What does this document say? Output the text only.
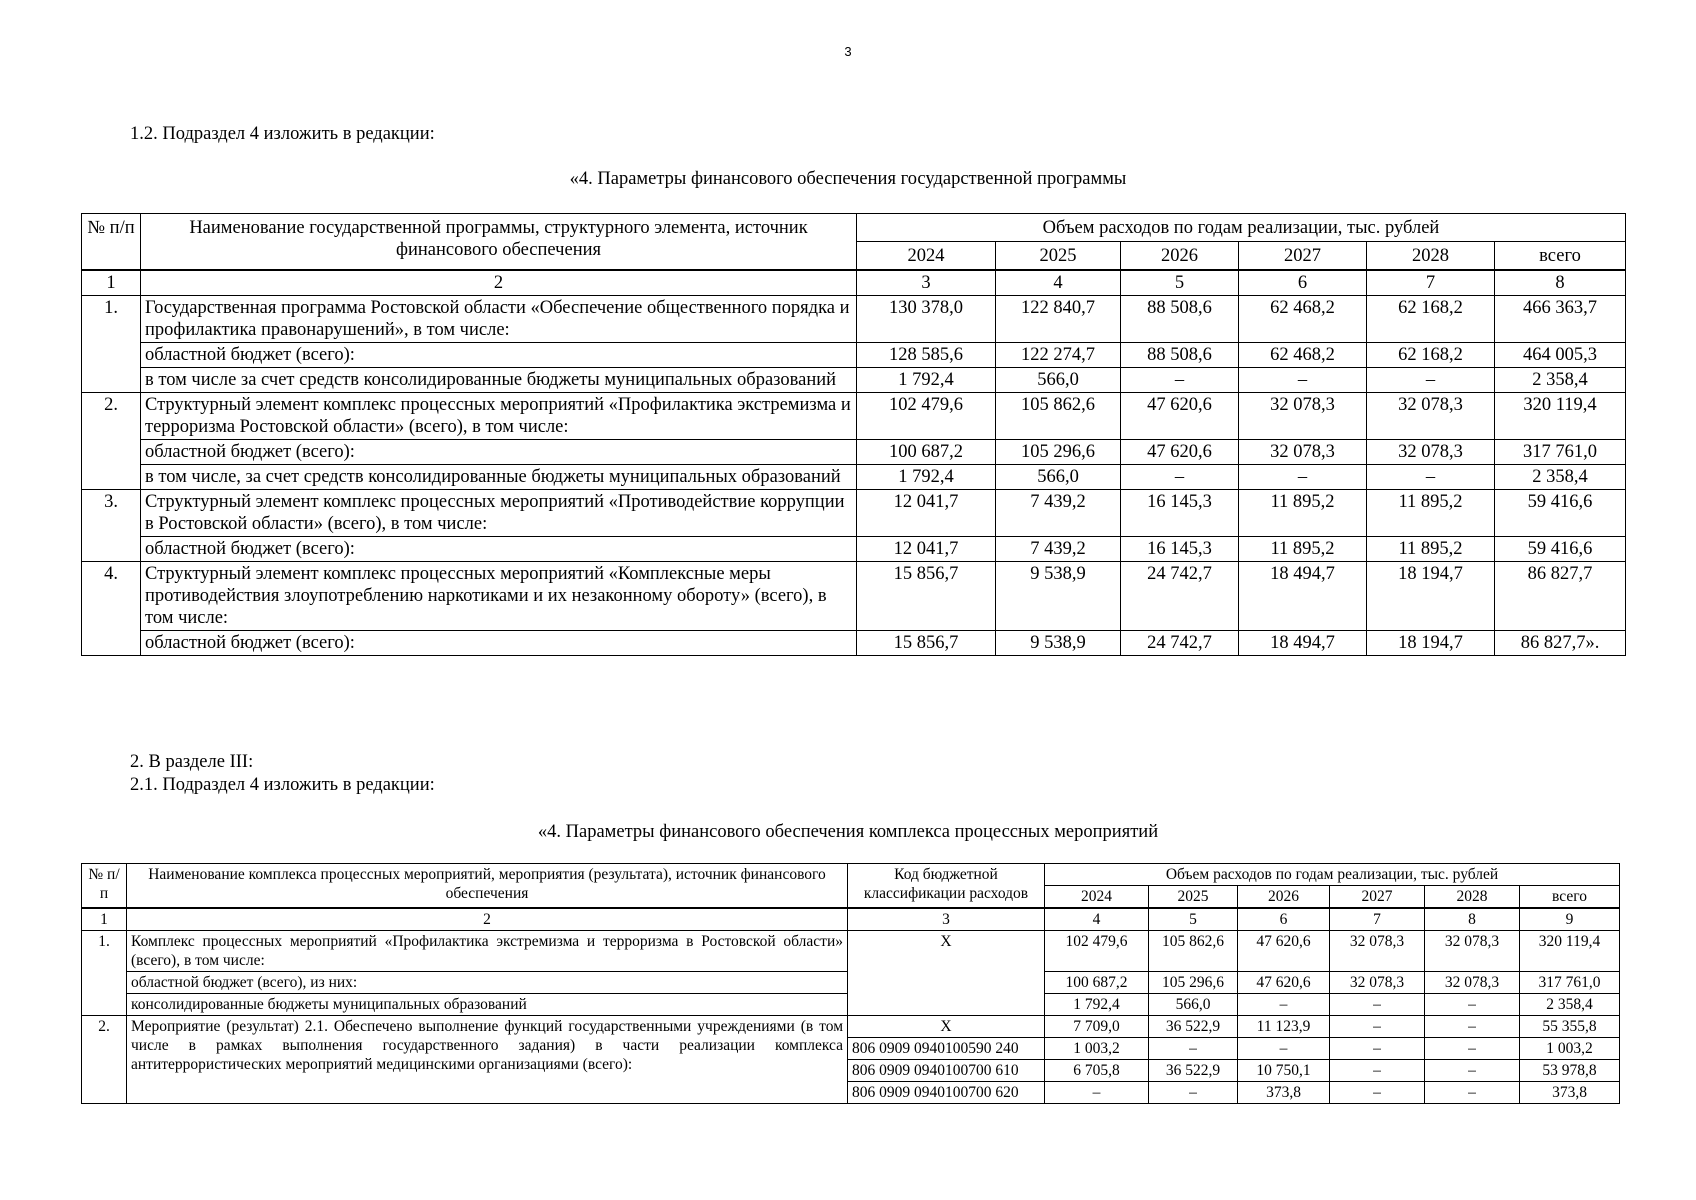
3
1.2. Подраздел 4 изложить в редакции:
«4. Параметры финансового обеспечения государственной программы
№ п/п	Наименование государственной программы, структурного элемента, источник финансового обеспечения	Объем расходов по годам реализации, тыс. рублей					
		2024	2025	2026	2027	2028	всего
1	2	3	4	5	6	7	8
1.	Государственная программа Ростовской области «Обеспечение общественного порядка и профилактика правонарушений», в том числе:	130 378,0	122 840,7	88 508,6	62 468,2	62 168,2	466 363,7
	областной бюджет (всего):	128 585,6	122 274,7	88 508,6	62 468,2	62 168,2	464 005,3
	в том числе за счет средств консолидированные бюджеты муниципальных образований	1 792,4	566,0	–	–	–	2 358,4
2.	Структурный элемент комплекс процессных мероприятий «Профилактика экстремизма и терроризма Ростовской области» (всего), в том числе:	102 479,6	105 862,6	47 620,6	32 078,3	32 078,3	320 119,4
	областной бюджет (всего):	100 687,2	105 296,6	47 620,6	32 078,3	32 078,3	317 761,0
	в том числе, за счет средств консолидированные бюджеты муниципальных образований	1 792,4	566,0	–	–	–	2 358,4
3.	Структурный элемент комплекс процессных мероприятий «Противодействие коррупции в Ростовской области» (всего), в том числе:	12 041,7	7 439,2	16 145,3	11 895,2	11 895,2	59 416,6
	областной бюджет (всего):	12 041,7	7 439,2	16 145,3	11 895,2	11 895,2	59 416,6
4.	Структурный элемент комплекс процессных мероприятий «Комплексные меры противодействия злоупотреблению наркотиками и их незаконному обороту» (всего), в том числе:	15 856,7	9 538,9	24 742,7	18 494,7	18 194,7	86 827,7
	областной бюджет (всего):	15 856,7	9 538,9	24 742,7	18 494,7	18 194,7	86 827,7».
2. В разделе III:
2.1. Подраздел 4 изложить в редакции:
«4. Параметры финансового обеспечения комплекса процессных мероприятий
№ п/п	Наименование комплекса процессных мероприятий, мероприятия (результата), источник финансового обеспечения	Код бюджетной классификации расходов	Объем расходов по годам реализации, тыс. рублей					
			2024	2025	2026	2027	2028	всего
1	2	3	4	5	6	7	8	9
1.	Комплекс процессных мероприятий «Профилактика экстремизма и терроризма в Ростовской области» (всего), в том числе:	Х	102 479,6	105 862,6	47 620,6	32 078,3	32 078,3	320 119,4
	областной бюджет (всего), из них:		100 687,2	105 296,6	47 620,6	32 078,3	32 078,3	317 761,0
	консолидированные бюджеты муниципальных образований		1 792,4	566,0	–	–	–	2 358,4
2.	Мероприятие (результат) 2.1. Обеспечено выполнение функций государственными учреждениями (в том числе в рамках выполнения государственного задания) в части реализации комплекса антитеррористических мероприятий медицинскими организациями (всего):	Х	7 709,0	36 522,9	11 123,9	–	–	55 355,8
		806 0909 0940100590 240	1 003,2	–	–	–	–	1 003,2
		806 0909 0940100700 610	6 705,8	36 522,9	10 750,1	–	–	53 978,8
		806 0909 0940100700 620	–	–	373,8	–	–	373,8
